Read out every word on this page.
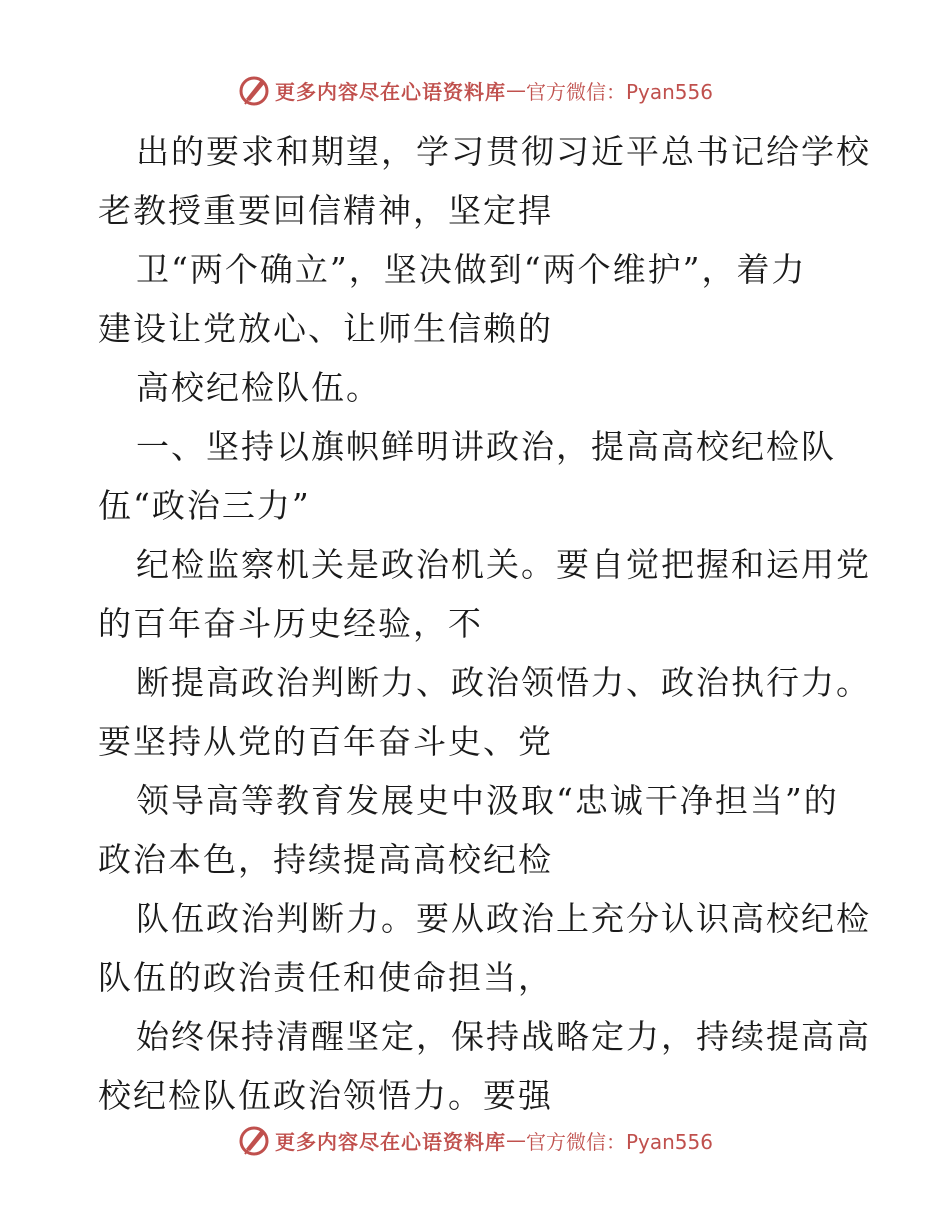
更多内容尽在心语资料库 — 官方微信：Pyan556
出的要求和期望，学习贯彻习近平总书记给学校
老教授重要回信精神，坚定捍
卫“两个确立”，坚决做到“两个维护”，着力
建设让党放心、让师生信赖的
高校纪检队伍。
一、坚持以旗帜鲜明讲政治，提高高校纪检队
伍“政治三力”
纪检监察机关是政治机关。要自觉把握和运用党
的百年奋斗历史经验，不
断提高政治判断力、政治领悟力、政治执行力。
要坚持从党的百年奋斗史、党
领导高等教育发展史中汲取“忠诚干净担当”的
政治本色，持续提高高校纪检
队伍政治判断力。要从政治上充分认识高校纪检
队伍的政治责任和使命担当，
始终保持清醒坚定，保持战略定力，持续提高高
校纪检队伍政治领悟力。要强
更多内容尽在心语资料库 — 官方微信：Pyan556
